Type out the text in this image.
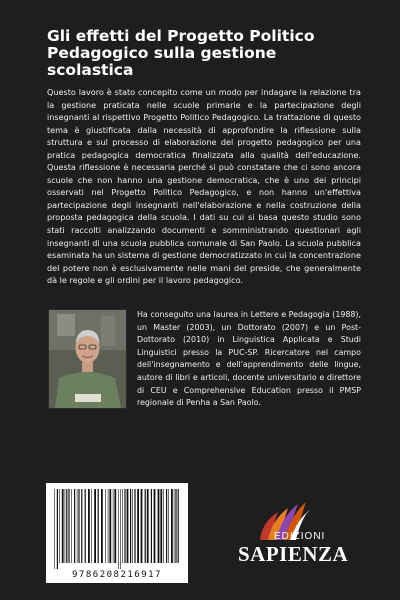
Gli effetti del Progetto Politico Pedagogico sulla gestione scolastica

Questo lavoro è stato concepito come un modo per indagare la relazione tra la gestione praticata nelle scuole primarie e la partecipazione degli insegnanti al rispettivo Progetto Politico Pedagogico. La trattazione di questo tema è giustificata dalla necessità di approfondire la riflessione sulla struttura e sul processo di elaborazione del progetto pedagogico per una pratica pedagogica democratica finalizzata alla qualità dell'educazione. Questa riflessione è necessaria perché si può constatare che ci sono ancora scuole che non hanno una gestione democratica, che è uno dei principi osservati nel Progetto Politico Pedagogico, e non hanno un'effettiva partecipazione degli insegnanti nell'elaborazione e nella costruzione della proposta pedagogica della scuola. I dati su cui si basa questo studio sono stati raccolti analizzando documenti e somministrando questionari agli insegnanti di una scuola pubblica comunale di San Paolo. La scuola pubblica esaminata ha un sistema di gestione democratizzato in cui la concentrazione del potere non è esclusivamente nelle mani del preside, che generalmente dà le regole e gli ordini per il lavoro pedagogico.

Ha conseguito una laurea in Lettere e Pedagogia (1988), un Master (2003), un Dottorato (2007) e un Post-Dottorato (2010) in Linguistica Applicata e Studi Linguistici presso la PUC-SP. Ricercatore nel campo dell'insegnamento e dell'apprendimento delle lingue, autore di libri e articoli, docente universitario e direttore di CEU e Comprehensive Education presso il PMSP regionale di Penha a San Paolo.

9786208216917
EDIZIONI
SAPIENZA
